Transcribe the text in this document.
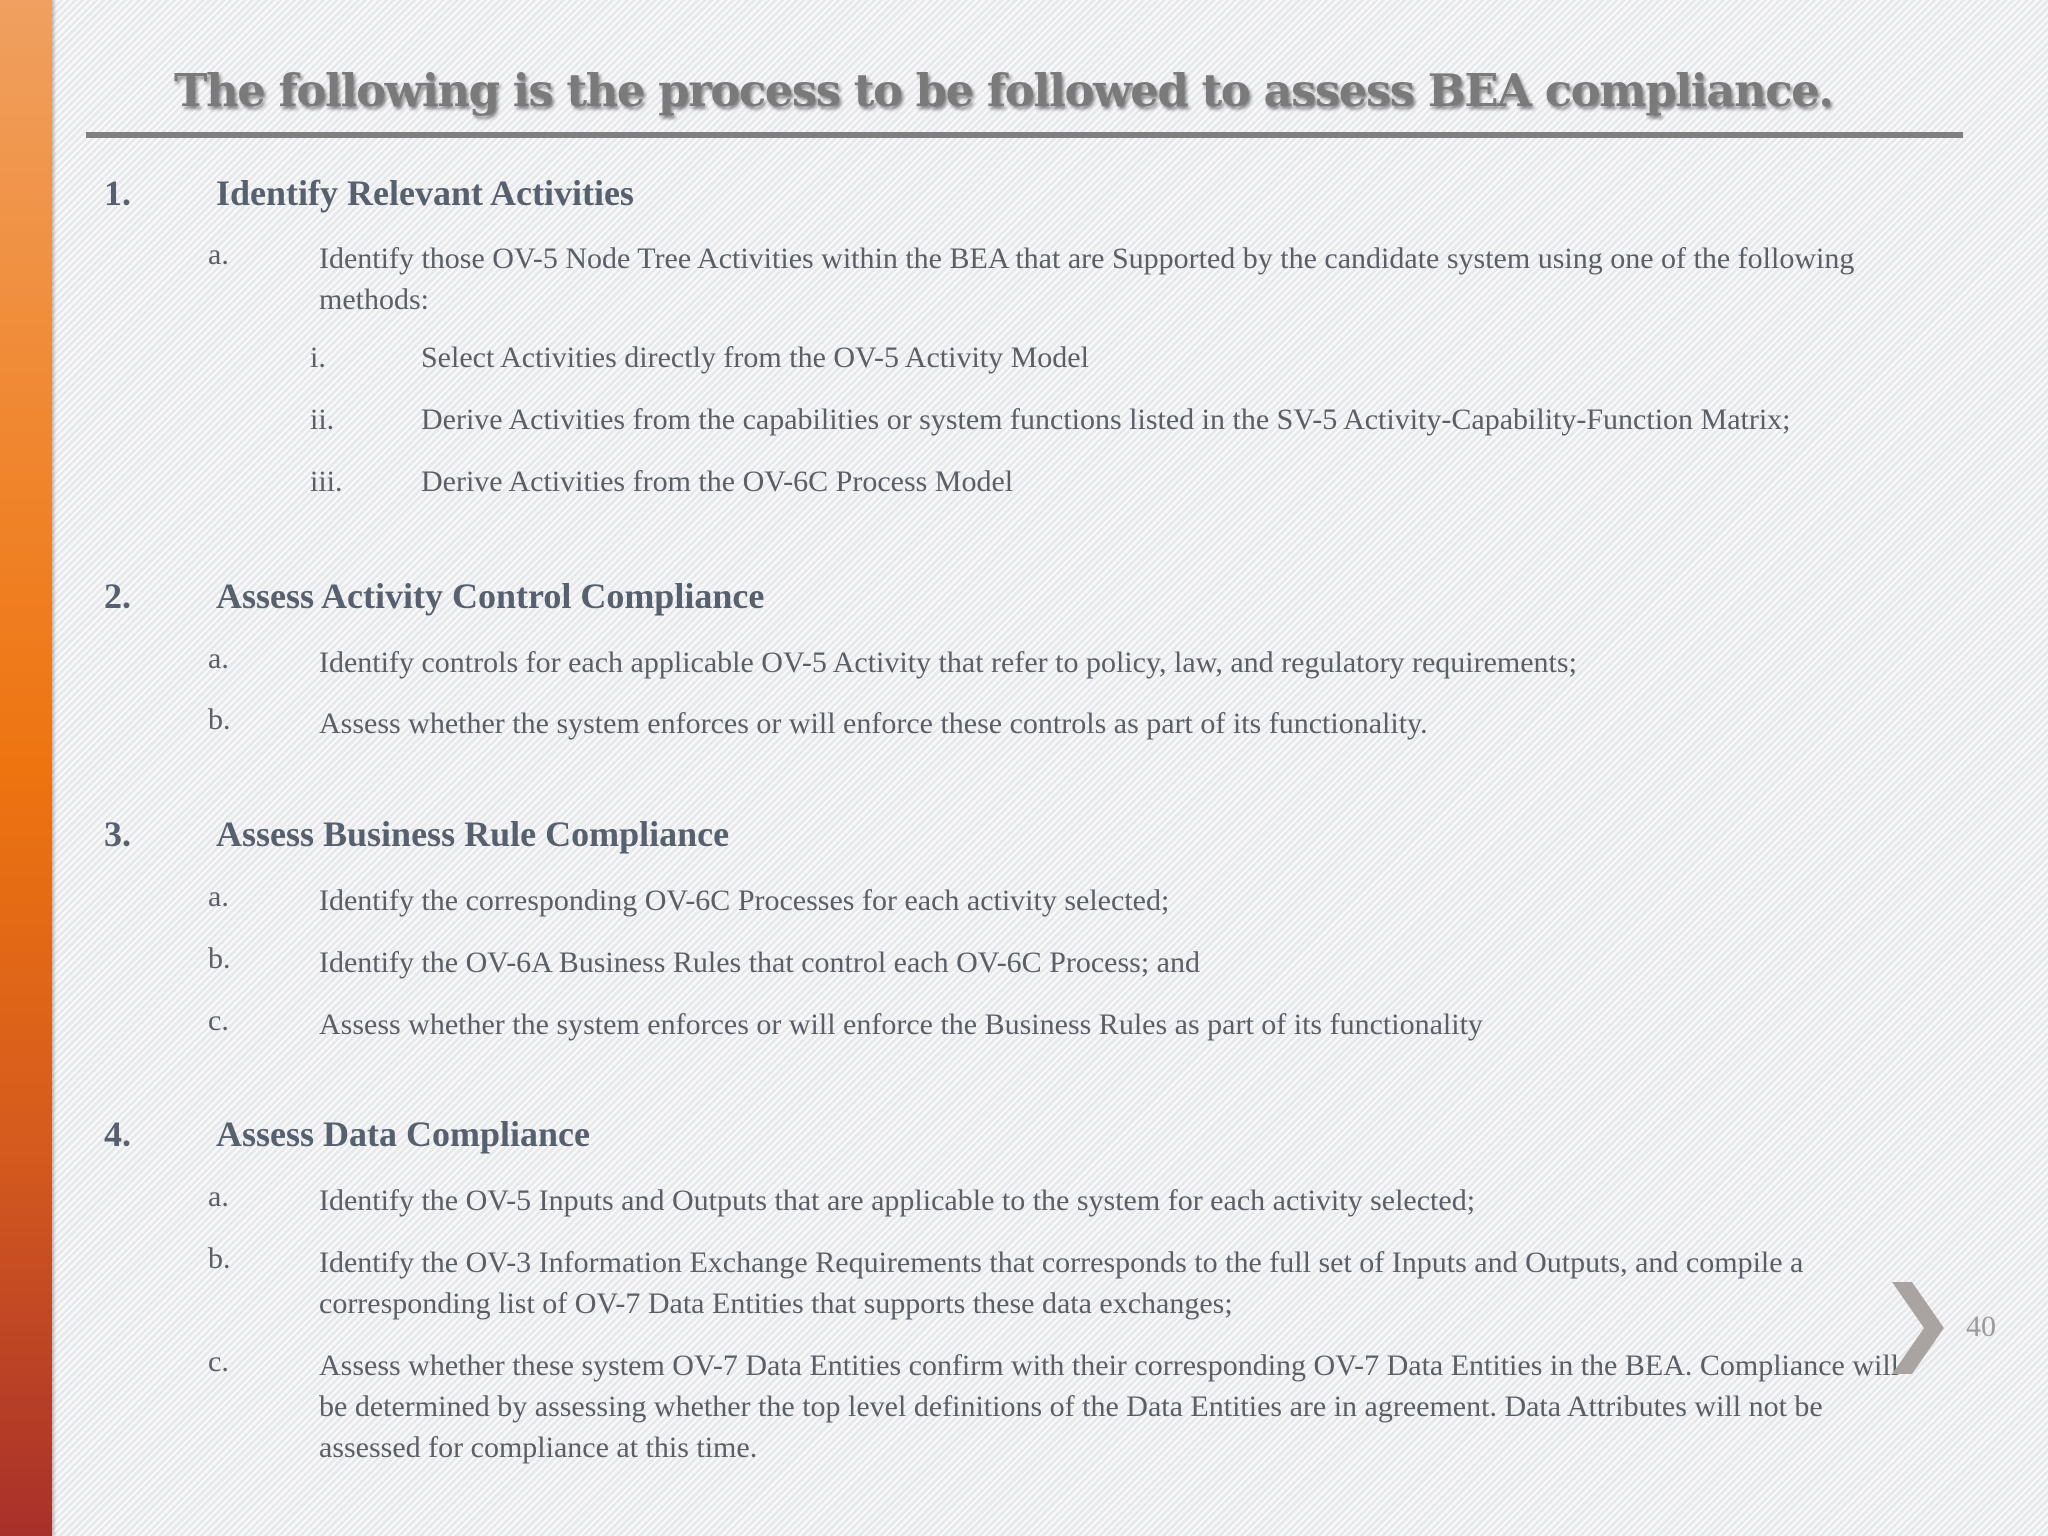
The following is the process to be followed to assess BEA compliance.
1. Identify Relevant Activities
a.	Identify those OV-5 Node Tree Activities within the BEA that are Supported by the candidate system using one of the following methods:
i.	Select Activities directly from the OV-5 Activity Model
ii.	Derive Activities from the capabilities or system functions listed in the SV-5 Activity-Capability-Function Matrix;
iii.	Derive Activities from the OV-6C Process Model
2. Assess Activity Control Compliance
a.	Identify controls for each applicable OV-5 Activity that refer to policy, law, and regulatory requirements;
b.	Assess whether the system enforces or will enforce these controls as part of its functionality.
3. Assess Business Rule Compliance
a.	Identify the corresponding OV-6C Processes for each activity selected;
b.	Identify the OV-6A Business Rules that control each OV-6C Process; and
c.	Assess whether the system enforces or will enforce the Business Rules as part of its functionality
4. Assess Data Compliance
a.	Identify the OV-5 Inputs and Outputs that are applicable to the system for each activity selected;
b.	Identify the OV-3 Information Exchange Requirements that corresponds to the full set of Inputs and Outputs, and compile a corresponding list of OV-7 Data Entities that supports these data exchanges;
c.	Assess whether these system OV-7 Data Entities confirm with their corresponding OV-7 Data Entities in the BEA. Compliance will be determined by assessing whether the top level definitions of the Data Entities are in agreement. Data Attributes will not be assessed for compliance at this time.
40
